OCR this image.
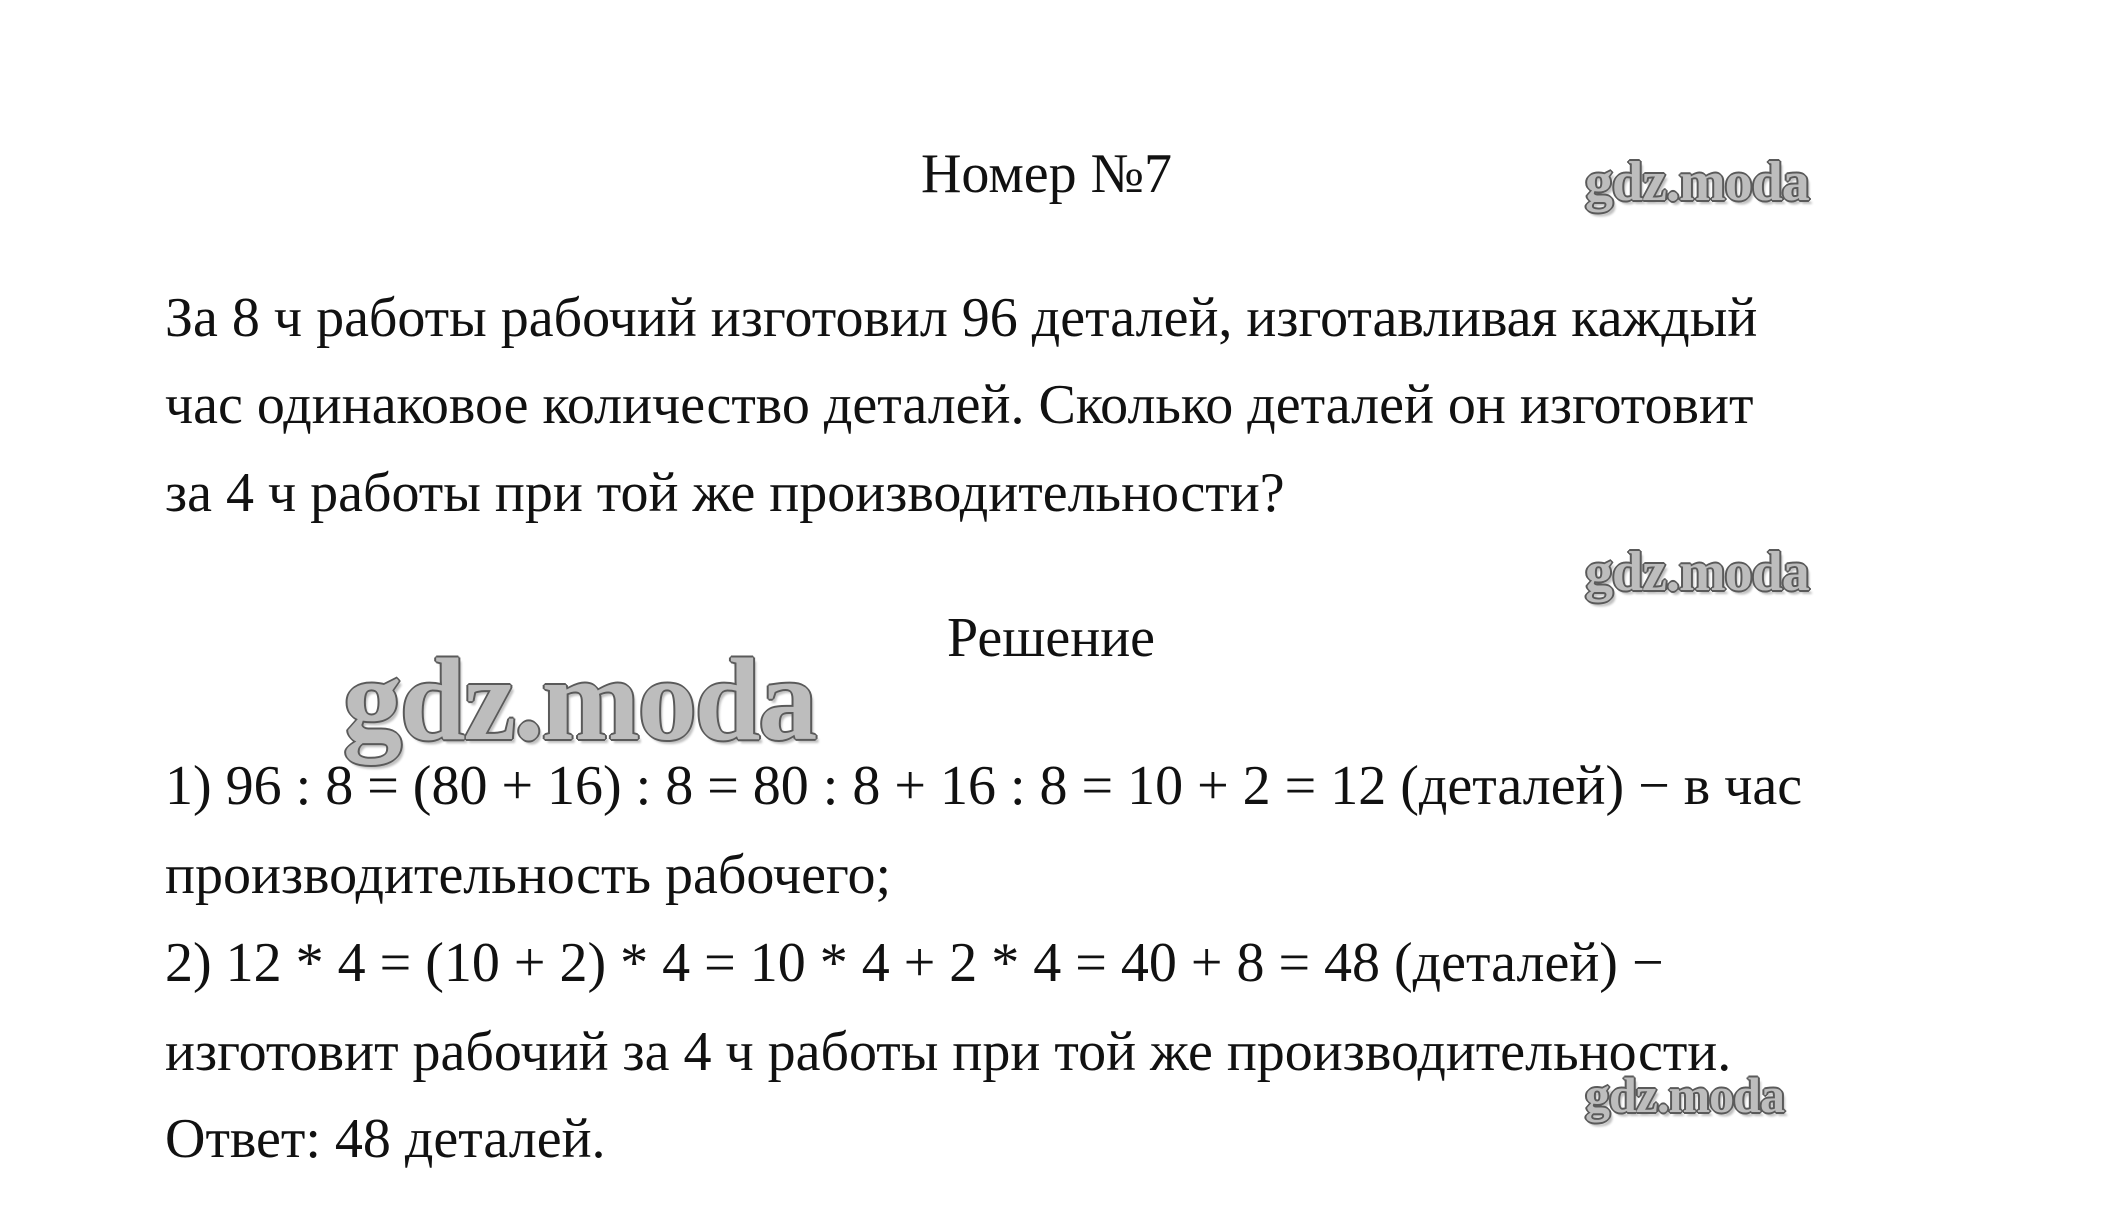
Номер №7
За 8 ч работы рабочий изготовил 96 деталей, изготавливая каждый
час одинаковое количество деталей. Сколько деталей он изготовит
за 4 ч работы при той же производительности?
Решение
1) 96 : 8 = (80 + 16) : 8 = 80 : 8 + 16 : 8 = 10 + 2 = 12 (деталей) − в час
производительность рабочего;
2) 12 * 4 = (10 + 2) * 4 = 10 * 4 + 2 * 4 = 40 + 8 = 48 (деталей) −
изготовит рабочий за 4 ч работы при той же производительности.
Ответ: 48 деталей.
gdz.moda
gdz.moda
gdz.moda
gdz.moda
